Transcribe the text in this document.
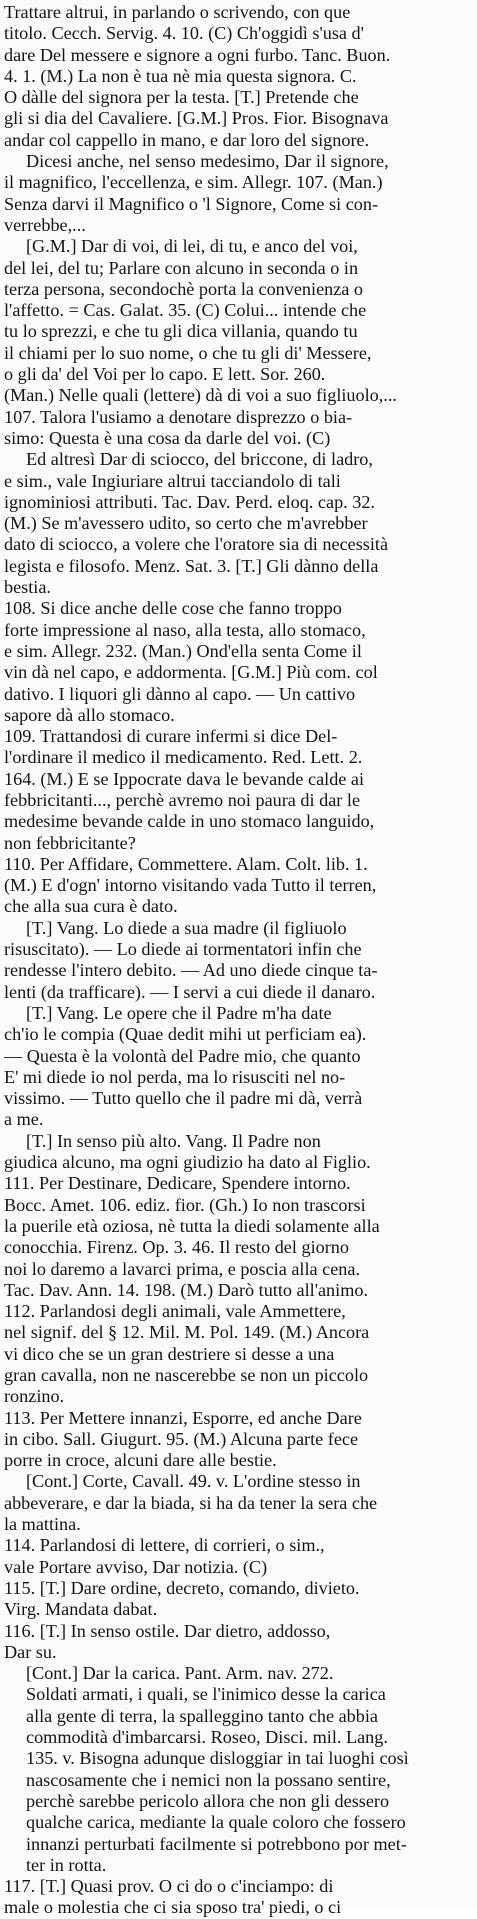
Trattare altrui, in parlando o scrivendo, con que
titolo. Cecch. Servig. 4. 10. (C) Ch'oggidì s'usa d'
dare Del messere e signore a ogni furbo. Tanc. Buon.
4. 1. (M.) La non è tua nè mia questa signora. C.
O dàlle del signora per la testa. [T.] Pretende che
gli si dia del Cavaliere. [G.M.] Pros. Fior. Bisognava
andar col cappello in mano, e dar loro del signore.
Dicesi anche, nel senso medesimo, Dar il signore,
il magnifico, l'eccellenza, e sim. Allegr. 107. (Man.)
Senza darvi il Magnifico o 'l Signore, Come si con-
verrebbe,...
[G.M.] Dar di voi, di lei, di tu, e anco del voi,
del lei, del tu; Parlare con alcuno in seconda o in
terza persona, secondochè porta la convenienza o
l'affetto. = Cas. Galat. 35. (C) Colui... intende che
tu lo sprezzi, e che tu gli dica villania, quando tu
il chiami per lo suo nome, o che tu gli di' Messere,
o gli da' del Voi per lo capo. E lett. Sor. 260.
(Man.) Nelle quali (lettere) dà di voi a suo figliuolo,...
107. Talora l'usiamo a denotare disprezzo o bia-
simo: Questa è una cosa da darle del voi. (C)
Ed altresì Dar di sciocco, del briccone, di ladro,
e sim., vale Ingiuriare altrui tacciandolo di tali
ignominiosi attributi. Tac. Dav. Perd. eloq. cap. 32.
(M.) Se m'avessero udito, so certo che m'avrebber
dato di sciocco, a volere che l'oratore sia di necessità
legista e filosofo. Menz. Sat. 3. [T.] Gli dànno della
bestia.
108. Si dice anche delle cose che fanno troppo
forte impressione al naso, alla testa, allo stomaco,
e sim. Allegr. 232. (Man.) Ond'ella senta Come il
vin dà nel capo, e addormenta. [G.M.] Più com. col
dativo. I liquori gli dànno al capo. — Un cattivo
sapore dà allo stomaco.
109. Trattandosi di curare infermi si dice Del-
l'ordinare il medico il medicamento. Red. Lett. 2.
164. (M.) E se Ippocrate dava le bevande calde ai
febbricitanti..., perchè avremo noi paura di dar le
medesime bevande calde in uno stomaco languido,
non febbricitante?
110. Per Affidare, Commettere. Alam. Colt. lib. 1.
(M.) E d'ogn' intorno visitando vada Tutto il terren,
che alla sua cura è dato.
[T.] Vang. Lo diede a sua madre (il figliuolo
risuscitato). — Lo diede ai tormentatori infin che
rendesse l'intero debito. — Ad uno diede cinque ta-
lenti (da trafficare). — I servi a cui diede il danaro.
[T.] Vang. Le opere che il Padre m'ha date
ch'io le compia (Quae dedit mihi ut perficiam ea).
— Questa è la volontà del Padre mio, che quanto
E' mi diede io nol perda, ma lo risusciti nel no-
vissimo. — Tutto quello che il padre mi dà, verrà
a me.
[T.] In senso più alto. Vang. Il Padre non
giudica alcuno, ma ogni giudizio ha dato al Figlio.
111. Per Destinare, Dedicare, Spendere intorno.
Bocc. Amet. 106. ediz. fior. (Gh.) Io non trascorsi
la puerile età oziosa, nè tutta la diedi solamente alla
conocchia. Firenz. Op. 3. 46. Il resto del giorno
noi lo daremo a lavarci prima, e poscia alla cena.
Tac. Dav. Ann. 14. 198. (M.) Darò tutto all'animo.
112. Parlandosi degli animali, vale Ammettere,
nel signif. del § 12. Mil. M. Pol. 149. (M.) Ancora
vi dico che se un gran destriere si desse a una
gran cavalla, non ne nascerebbe se non un piccolo
ronzino.
113. Per Mettere innanzi, Esporre, ed anche Dare
in cibo. Sall. Giugurt. 95. (M.) Alcuna parte fece
porre in croce, alcuni dare alle bestie.
[Cont.] Corte, Cavall. 49. v. L'ordine stesso in
abbeverare, e dar la biada, si ha da tener la sera che
la mattina.
114. Parlandosi di lettere, di corrieri, o sim.,
vale Portare avviso, Dar notizia. (C)
115. [T.] Dare ordine, decreto, comando, divieto.
Virg. Mandata dabat.
116. [T.] In senso ostile. Dar dietro, addosso,
Dar su.
[Cont.] Dar la carica. Pant. Arm. nav. 272.
Soldati armati, i quali, se l'inimico desse la carica
alla gente di terra, la spalleggino tanto che abbia
commodità d'imbarcarsi. Roseo, Disci. mil. Lang.
135. v. Bisogna adunque disloggiar in tai luoghi così
nascosamente che i nemici non la possano sentire,
perchè sarebbe pericolo allora che non gli dessero
qualche carica, mediante la quale coloro che fossero
innanzi perturbati facilmente si potrebbono por met-
ter in rotta.
117. [T.] Quasi prov. O ci do o c'inciampo: di
male o molestia che ci sia sposo tra' piedi, o ci
